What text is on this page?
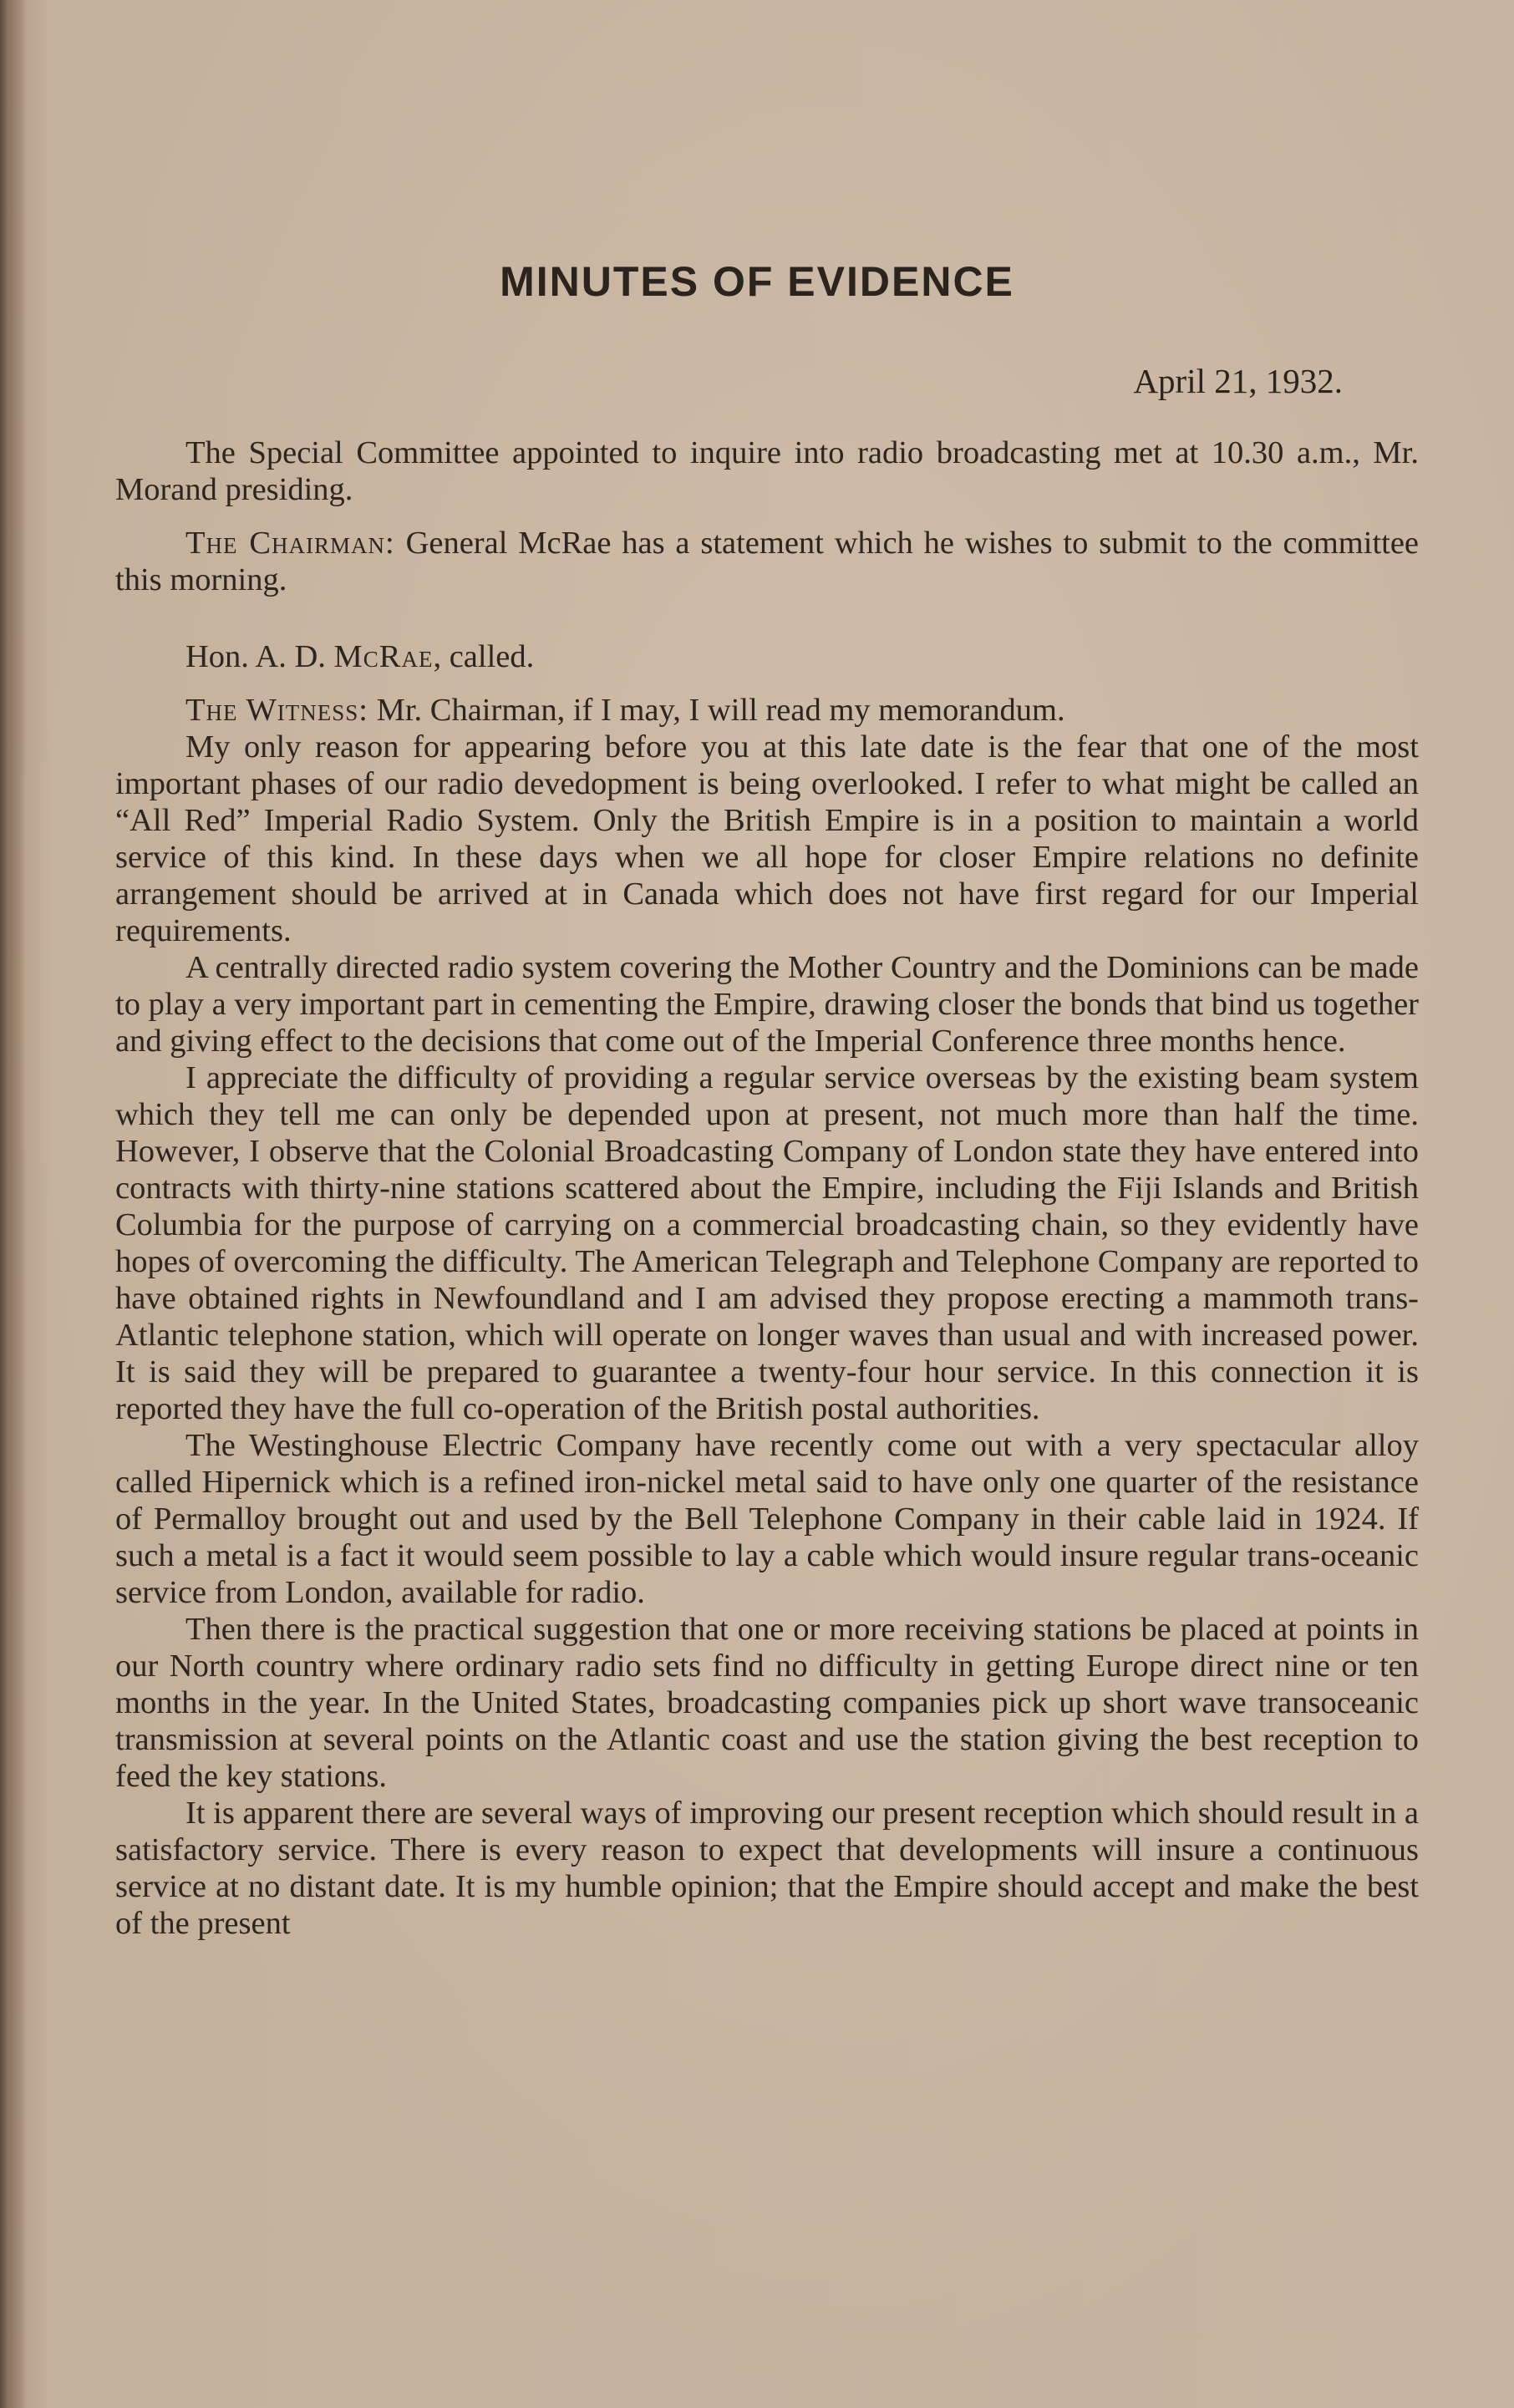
MINUTES OF EVIDENCE
April 21, 1932.

The Special Committee appointed to inquire into radio broadcasting met at 10.30 a.m., Mr. Morand presiding.

The Chairman: General McRae has a statement which he wishes to submit to the committee this morning.

Hon. A. D. McRae, called.

The Witness: Mr. Chairman, if I may, I will read my memorandum.

My only reason for appearing before you at this late date is the fear that one of the most important phases of our radio devedopment is being overlooked. I refer to what might be called an “All Red” Imperial Radio System. Only the British Empire is in a position to maintain a world service of this kind. In these days when we all hope for closer Empire relations no definite arrangement should be arrived at in Canada which does not have first regard for our Imperial requirements.

A centrally directed radio system covering the Mother Country and the Dominions can be made to play a very important part in cementing the Empire, drawing closer the bonds that bind us together and giving effect to the decisions that come out of the Imperial Conference three months hence.

I appreciate the difficulty of providing a regular service overseas by the existing beam system which they tell me can only be depended upon at present, not much more than half the time. However, I observe that the Colonial Broadcasting Company of London state they have entered into contracts with thirty-nine stations scattered about the Empire, including the Fiji Islands and British Columbia for the purpose of carrying on a commercial broadcasting chain, so they evidently have hopes of overcoming the difficulty. The American Telegraph and Telephone Company are reported to have obtained rights in Newfoundland and I am advised they propose erecting a mammoth trans-Atlantic telephone station, which will operate on longer waves than usual and with increased power. It is said they will be prepared to guarantee a twenty-four hour service. In this connection it is reported they have the full co-operation of the British postal authorities.

The Westinghouse Electric Company have recently come out with a very spectacular alloy called Hipernick which is a refined iron-nickel metal said to have only one quarter of the resistance of Permalloy brought out and used by the Bell Telephone Company in their cable laid in 1924. If such a metal is a fact it would seem possible to lay a cable which would insure regular trans-oceanic service from London, available for radio.

Then there is the practical suggestion that one or more receiving stations be placed at points in our North country where ordinary radio sets find no difficulty in getting Europe direct nine or ten months in the year. In the United States, broadcasting companies pick up short wave transoceanic transmission at several points on the Atlantic coast and use the station giving the best reception to feed the key stations.

It is apparent there are several ways of improving our present reception which should result in a satisfactory service. There is every reason to expect that developments will insure a continuous service at no distant date. It is my humble opinion; that the Empire should accept and make the best of the present
